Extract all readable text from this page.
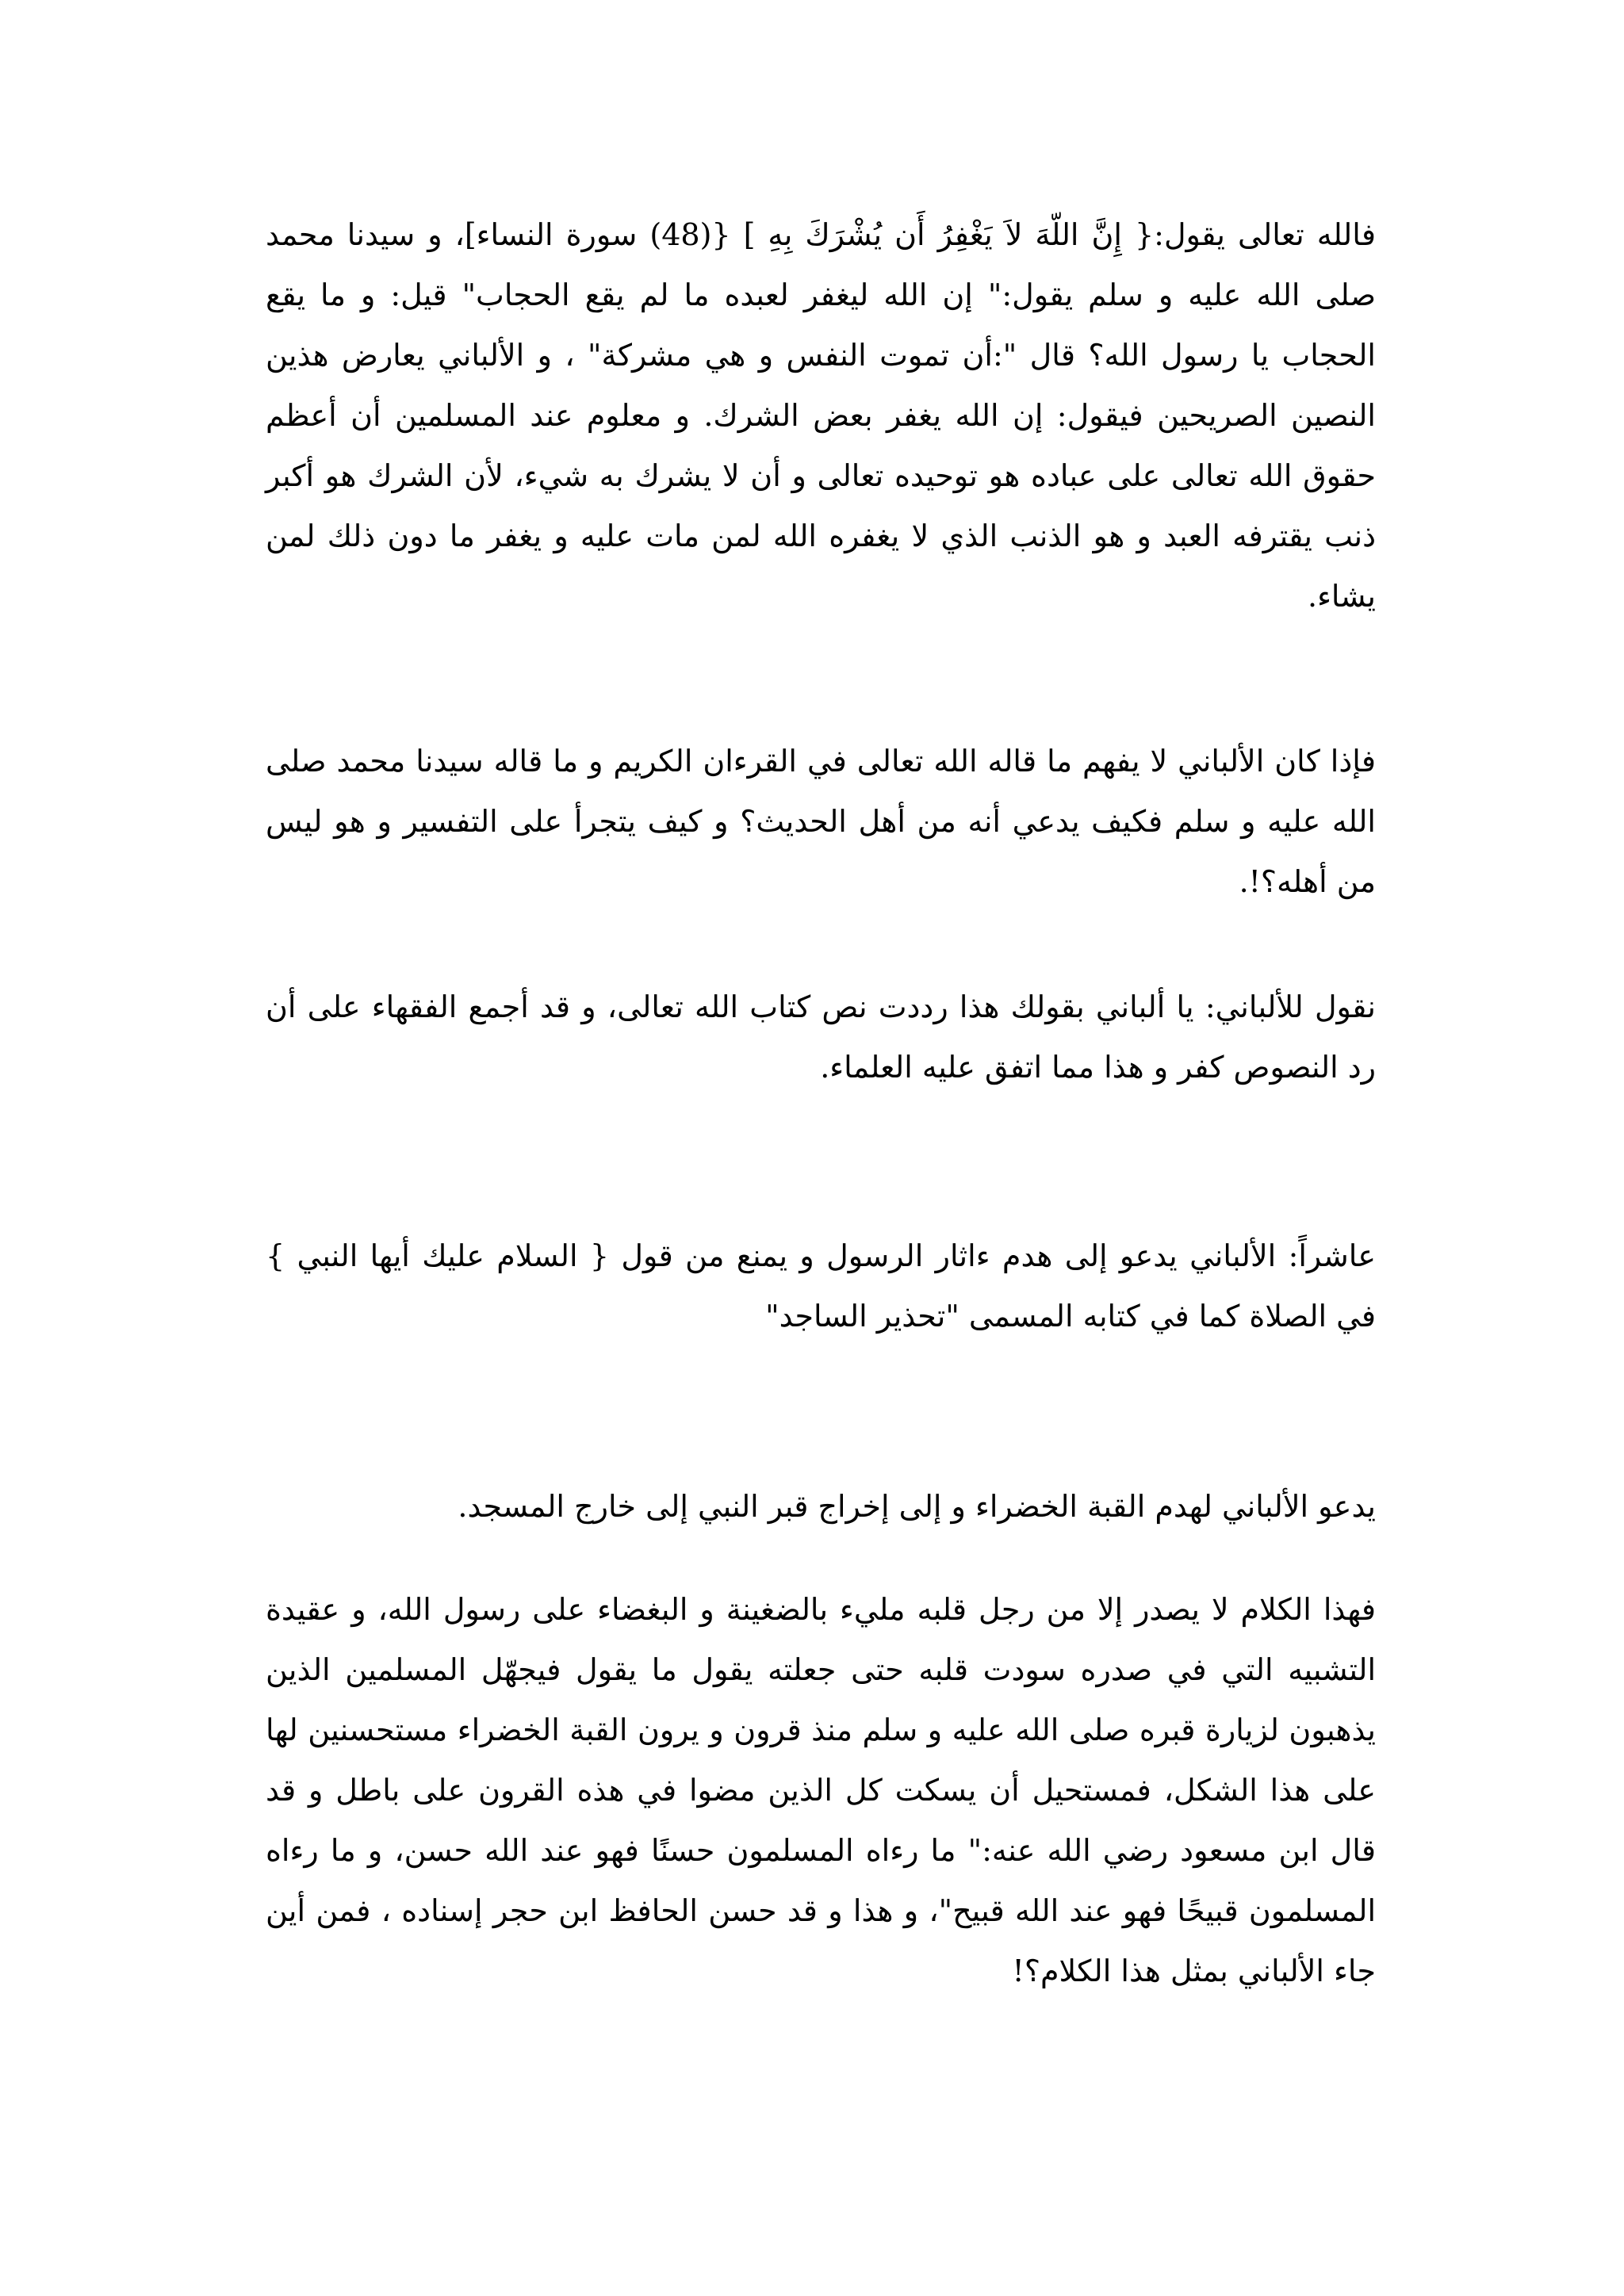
فالله تعالى يقول:{ إِنَّ اللّهَ لاَ يَغْفِرُ أَن يُشْرَكَ بِهِ ] {(48) سورة النساء]، و سيدنا محمد صلى الله عليه و سلم يقول:" إن الله ليغفر لعبده ما لم يقع الحجاب" قيل: و ما يقع الحجاب يا رسول الله؟ قال ":أن تموت النفس و هي مشركة" ، و الألباني يعارض هذين النصين الصريحين فيقول: إن الله يغفر بعض الشرك. و معلوم عند المسلمين أن أعظم حقوق الله تعالى على عباده هو توحيده تعالى و أن لا يشرك به شيء، لأن الشرك هو أكبر ذنب يقترفه العبد و هو الذنب الذي لا يغفره الله لمن مات عليه و يغفر ما دون ذلك لمن يشاء.

فإذا كان الألباني لا يفهم ما قاله الله تعالى في القرءان الكريم و ما قاله سيدنا محمد صلى الله عليه و سلم فكيف يدعي أنه من أهل الحديث؟ و كيف يتجرأ على التفسير و هو ليس من أهله؟!.

نقول للألباني: يا ألباني بقولك هذا رددت نص كتاب الله تعالى، و قد أجمع الفقهاء على أن رد النصوص كفر و هذا مما اتفق عليه العلماء.

عاشراً: الألباني يدعو إلى هدم ءاثار الرسول و يمنع من قول { السلام عليك أيها النبي } في الصلاة كما في كتابه المسمى "تحذير الساجد"

يدعو الألباني لهدم القبة الخضراء و إلى إخراج قبر النبي إلى خارج المسجد.

فهذا الكلام لا يصدر إلا من رجل قلبه مليء بالضغينة و البغضاء على رسول الله، و عقيدة التشبيه التي في صدره سودت قلبه حتى جعلته يقول ما يقول فيجهّل المسلمين الذين يذهبون لزيارة قبره صلى الله عليه و سلم منذ قرون و يرون القبة الخضراء مستحسنين لها على هذا الشكل، فمستحيل أن يسكت كل الذين مضوا في هذه القرون على باطل و قد قال ابن مسعود رضي الله عنه:" ما رءاه المسلمون حسنًا فهو عند الله حسن، و ما رءاه المسلمون قبيحًا فهو عند الله قبيح"، و هذا و قد حسن الحافظ ابن حجر إسناده ، فمن أين جاء الألباني بمثل هذا الكلام؟!
